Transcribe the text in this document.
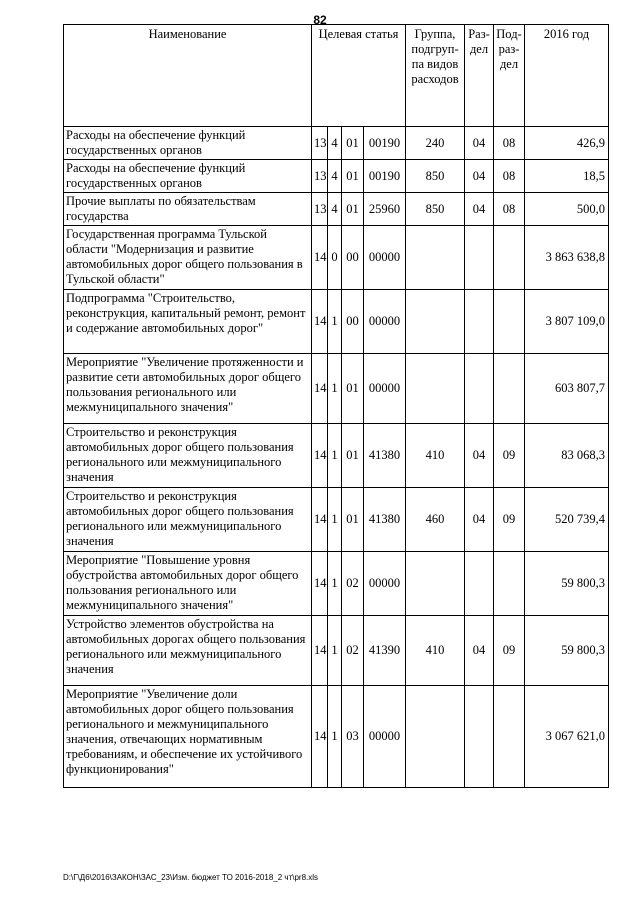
82
Наименование	Целевая статья				Группа, подгруп-па видов расходов	Раз-дел	Под-раз-дел	2016 год
Расходы на обеспечение функций государственных органов	13	4	01	00190	240	04	08	426,9
Расходы на обеспечение функций государственных органов	13	4	01	00190	850	04	08	18,5
Прочие выплаты по обязательствам государства	13	4	01	25960	850	04	08	500,0
Государственная программа Тульской области "Модернизация и развитие автомобильных дорог общего пользования в Тульской области"	14	0	00	00000				3 863 638,8
Подпрограмма "Строительство, реконструкция, капитальный ремонт, ремонт и содержание автомобильных дорог"	14	1	00	00000				3 807 109,0
Мероприятие "Увеличение протяженности и развитие сети автомобильных дорог общего пользования регионального или межмуниципального значения"	14	1	01	00000				603 807,7
Строительство и реконструкция автомобильных дорог общего пользования регионального или межмуниципального значения	14	1	01	41380	410	04	09	83 068,3
Строительство и реконструкция автомобильных дорог общего пользования регионального или межмуниципального значения	14	1	01	41380	460	04	09	520 739,4
Мероприятие "Повышение уровня обустройства автомобильных дорог общего пользования регионального или межмуниципального значения"	14	1	02	00000				59 800,3
Устройство элементов обустройства на автомобильных дорогах общего пользования регионального или межмуниципального значения	14	1	02	41390	410	04	09	59 800,3
Мероприятие "Увеличение доли автомобильных дорог общего пользования регионального и межмуниципального значения, отвечающих нормативным требованиям, и обеспечение их устойчивого функционирования"	14	1	03	00000				3 067 621,0
D:\Г\Д6\2016\ЗАКОН\ЗАС_23\Изм. бюджет ТО 2016-2018_2 чт\pr8.xls
